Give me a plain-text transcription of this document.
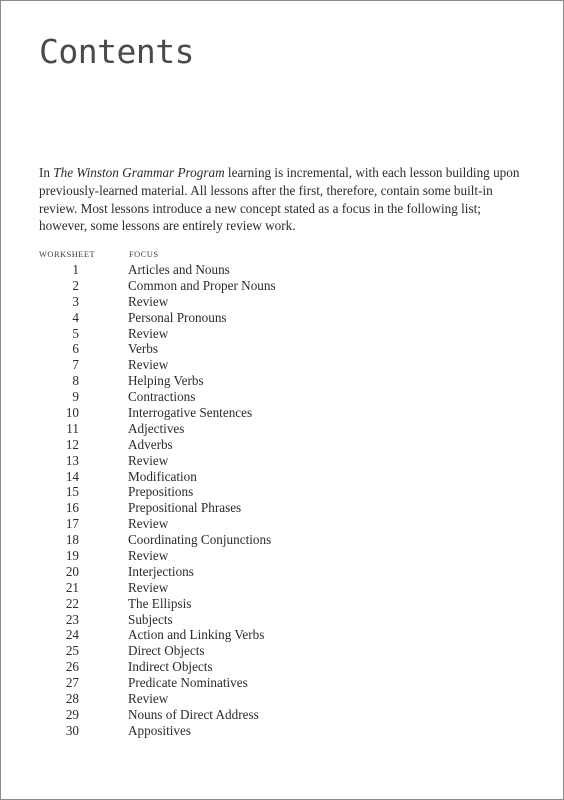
Contents

In The Winston Grammar Program learning is incremental, with each lesson building upon previously-learned material. All lessons after the first, therefore, contain some built-in review. Most lessons introduce a new concept stated as a focus in the following list; however, some lessons are entirely review work.

WORKSHEET	FOCUS
1	Articles and Nouns
2	Common and Proper Nouns
3	Review
4	Personal Pronouns
5	Review
6	Verbs
7	Review
8	Helping Verbs
9	Contractions
10	Interrogative Sentences
11	Adjectives
12	Adverbs
13	Review
14	Modification
15	Prepositions
16	Prepositional Phrases
17	Review
18	Coordinating Conjunctions
19	Review
20	Interjections
21	Review
22	The Ellipsis
23	Subjects
24	Action and Linking Verbs
25	Direct Objects
26	Indirect Objects
27	Predicate Nominatives
28	Review
29	Nouns of Direct Address
30	Appositives
